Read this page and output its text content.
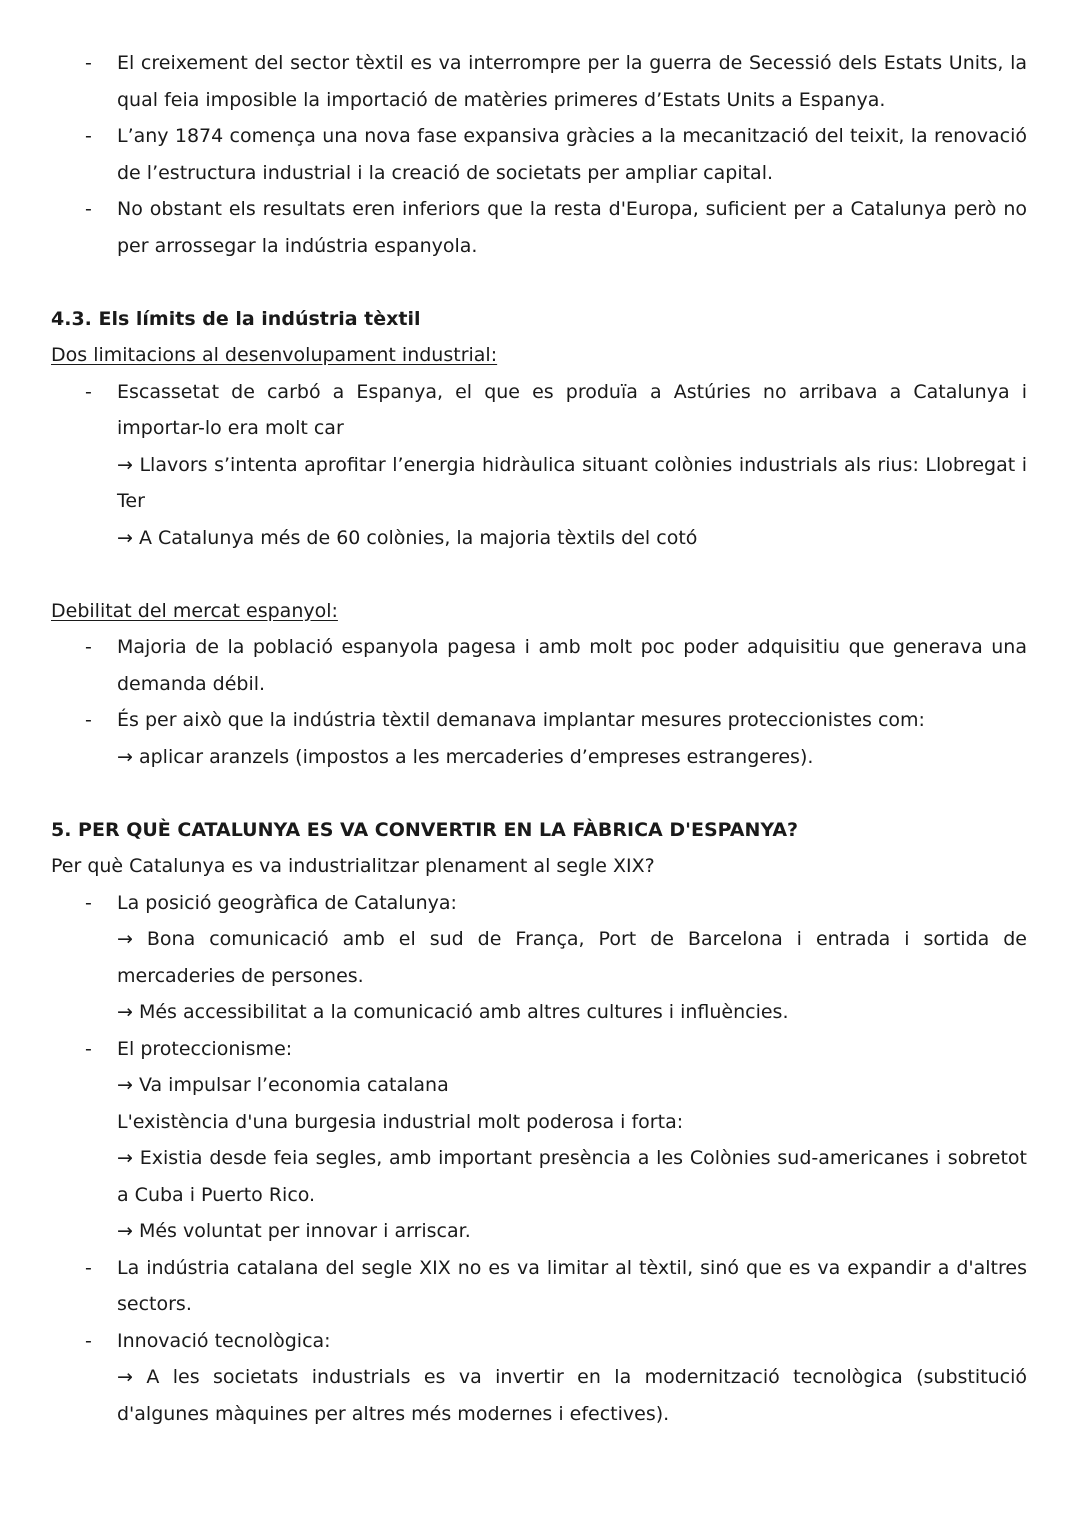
- El creixement del sector tèxtil es va interrompre per la guerra de Secessió dels Estats Units, la qual feia imposible la importació de matèries primeres d’Estats Units a Espanya.
- L’any 1874 comença una nova fase expansiva gràcies a la mecanització del teixit, la renovació de l’estructura industrial i la creació de societats per ampliar capital.
- No obstant els resultats eren inferiors que la resta d'Europa, suficient per a Catalunya però no per arrossegar la indústria espanyola.
4.3. Els límits de la indústria tèxtil
Dos limitacions al desenvolupament industrial:
- Escassetat de carbó a Espanya, el que es produïa a Astúries no arribava a Catalunya i importar-lo era molt car
→ Llavors s’intenta aprofitar l’energia hidràulica situant colònies industrials als rius: Llobregat i Ter
→ A Catalunya més de 60 colònies, la majoria tèxtils del cotó
Debilitat del mercat espanyol:
- Majoria de la població espanyola pagesa i amb molt poc poder adquisitiu que generava una demanda débil.
- És per això que la indústria tèxtil demanava implantar mesures proteccionistes com:
→ aplicar aranzels (impostos a les mercaderies d’empreses estrangeres).
5. PER QUÈ CATALUNYA ES VA CONVERTIR EN LA FÀBRICA D'ESPANYA?
Per què Catalunya es va industrialitzar plenament al segle XIX?
- La posició geogràfica de Catalunya:
→ Bona comunicació amb el sud de França, Port de Barcelona i entrada i sortida de mercaderies de persones.
→ Més accessibilitat a la comunicació amb altres cultures i influències.
- El proteccionisme:
→ Va impulsar l’economia catalana
L'existència d'una burgesia industrial molt poderosa i forta:
→ Existia desde feia segles, amb important presència a les Colònies sud-americanes i sobretot a Cuba i Puerto Rico.
→ Més voluntat per innovar i arriscar.
- La indústria catalana del segle XIX no es va limitar al tèxtil, sinó que es va expandir a d'altres sectors.
- Innovació tecnològica:
→ A les societats industrials es va invertir en la modernització tecnològica (substitució d'algunes màquines per altres més modernes i efectives).
